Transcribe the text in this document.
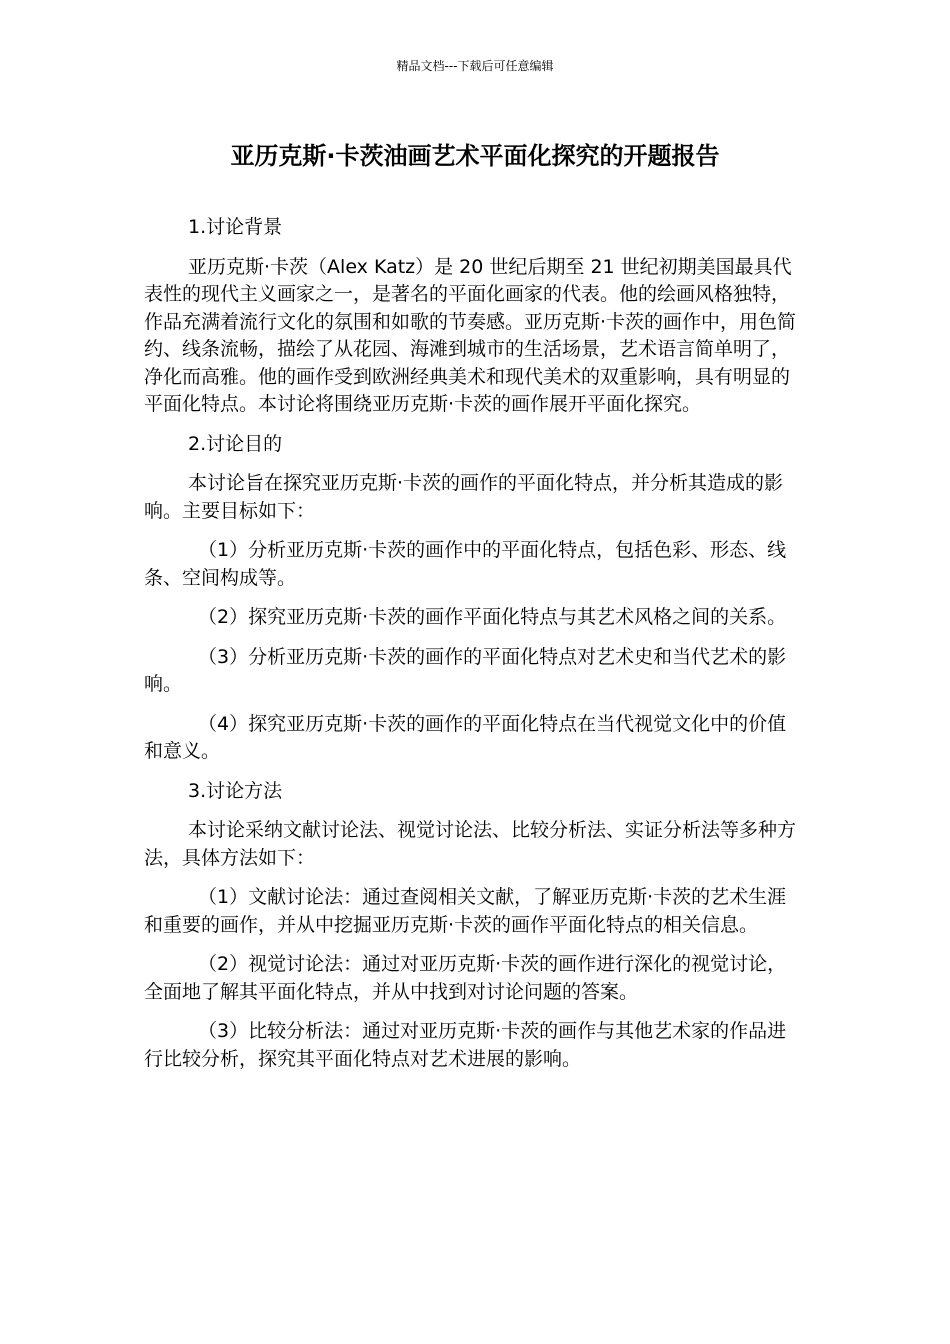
精品文档---下载后可任意编辑
亚历克斯·卡茨油画艺术平面化探究的开题报告

1.讨论背景

亚历克斯·卡茨（Alex Katz）是 20 世纪后期至 21 世纪初期美国最具代表性的现代主义画家之一，是著名的平面化画家的代表。他的绘画风格独特，作品充满着流行文化的氛围和如歌的节奏感。亚历克斯·卡茨的画作中，用色简约、线条流畅，描绘了从花园、海滩到城市的生活场景，艺术语言简单明了，净化而高雅。他的画作受到欧洲经典美术和现代美术的双重影响，具有明显的平面化特点。本讨论将围绕亚历克斯·卡茨的画作展开平面化探究。

2.讨论目的

本讨论旨在探究亚历克斯·卡茨的画作的平面化特点，并分析其造成的影响。主要目标如下：

（1）分析亚历克斯·卡茨的画作中的平面化特点，包括色彩、形态、线条、空间构成等。

（2）探究亚历克斯·卡茨的画作平面化特点与其艺术风格之间的关系。

（3）分析亚历克斯·卡茨的画作的平面化特点对艺术史和当代艺术的影响。

（4）探究亚历克斯·卡茨的画作的平面化特点在当代视觉文化中的价值和意义。

3.讨论方法

本讨论采纳文献讨论法、视觉讨论法、比较分析法、实证分析法等多种方法，具体方法如下：

（1）文献讨论法：通过查阅相关文献，了解亚历克斯·卡茨的艺术生涯和重要的画作，并从中挖掘亚历克斯·卡茨的画作平面化特点的相关信息。

（2）视觉讨论法：通过对亚历克斯·卡茨的画作进行深化的视觉讨论，全面地了解其平面化特点，并从中找到对讨论问题的答案。

（3）比较分析法：通过对亚历克斯·卡茨的画作与其他艺术家的作品进行比较分析，探究其平面化特点对艺术进展的影响。
